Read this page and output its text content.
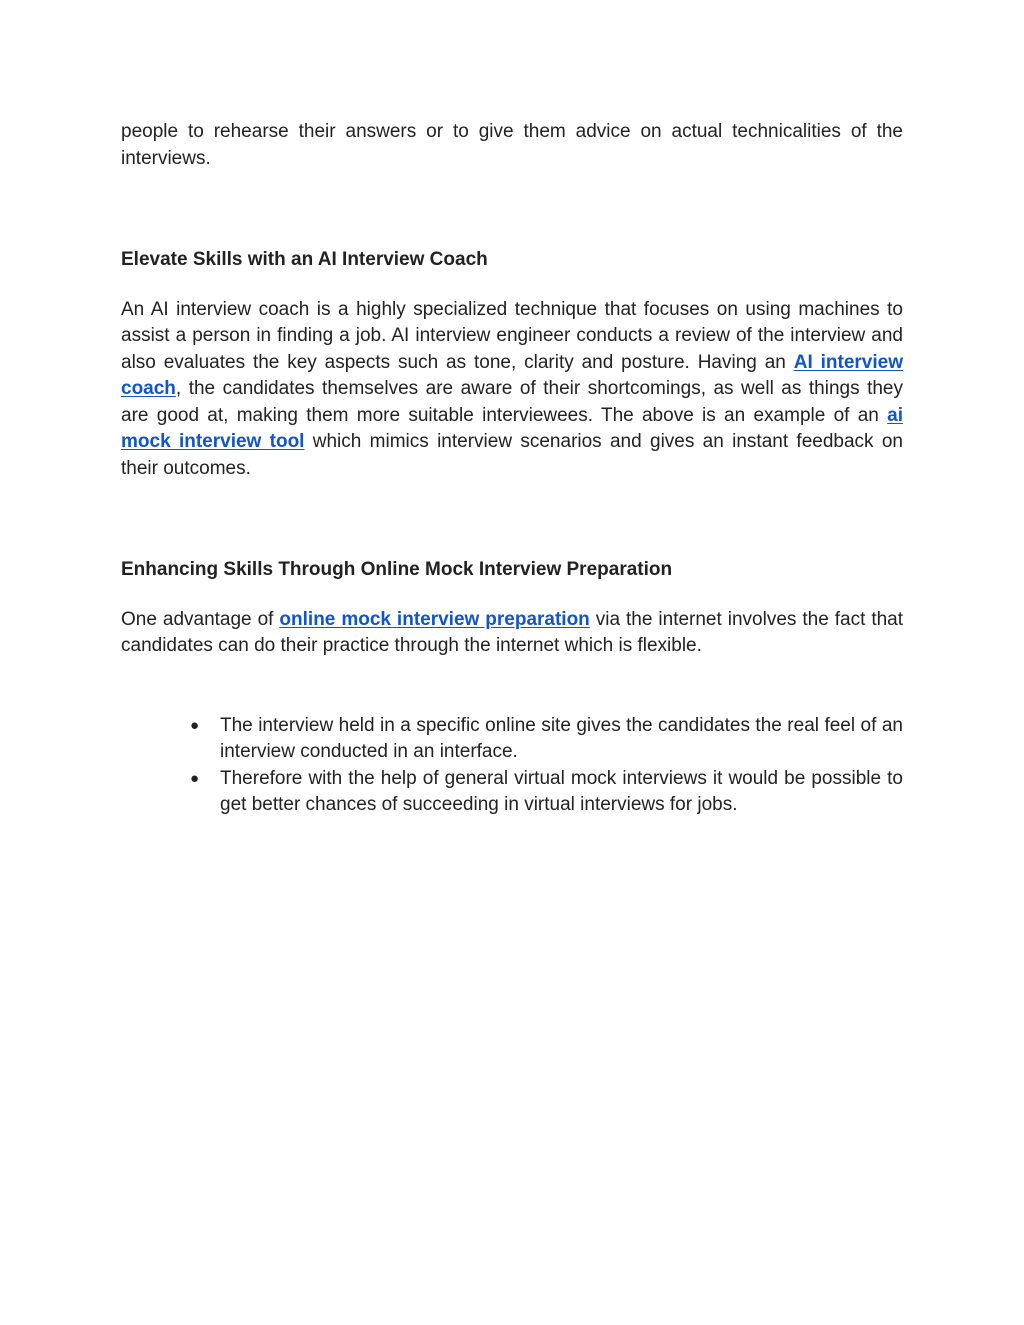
people to rehearse their answers or to give them advice on actual technicalities of the interviews.

Elevate Skills with an AI Interview Coach

An AI interview coach is a highly specialized technique that focuses on using machines to assist a person in finding a job. AI interview engineer conducts a review of the interview and also evaluates the key aspects such as tone, clarity and posture. Having an AI interview coach, the candidates themselves are aware of their shortcomings, as well as things they are good at, making them more suitable interviewees. The above is an example of an ai mock interview tool which mimics interview scenarios and gives an instant feedback on their outcomes.

Enhancing Skills Through Online Mock Interview Preparation

One advantage of online mock interview preparation via the internet involves the fact that candidates can do their practice through the internet which is flexible.

● The interview held in a specific online site gives the candidates the real feel of an interview conducted in an interface.
● Therefore with the help of general virtual mock interviews it would be possible to get better chances of succeeding in virtual interviews for jobs.
